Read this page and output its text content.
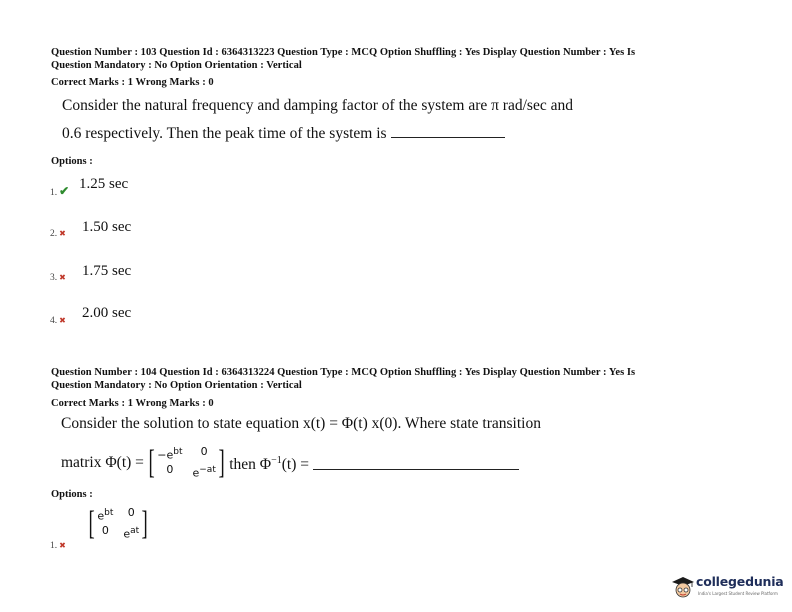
Question Number : 103 Question Id : 6364313223 Question Type : MCQ Option Shuffling : Yes Display Question Number : Yes Is
Question Mandatory : No Option Orientation : Vertical
Correct Marks : 1 Wrong Marks : 0
Consider the natural frequency and damping factor of the system are π rad/sec and
0.6 respectively. Then the peak time of the system is
Options :
1. ✔ 1.25 sec
2. ✖ 1.50 sec
3. ✖ 1.75 sec
4. ✖ 2.00 sec
Question Number : 104 Question Id : 6364313224 Question Type : MCQ Option Shuffling : Yes Display Question Number : Yes Is
Question Mandatory : No Option Orientation : Vertical
Correct Marks : 1 Wrong Marks : 0
Consider the solution to state equation x(t) = Φ(t) x(0). Where state transition
matrix Φ(t) = [ $-e^{bt}$	0
0	$e^{-at}$ ] then $\Phi^{-1}(t)$ =
Options :
1. ✖
[ $e^{bt}$	0
0	$e^{at}$ ]
collegedunia
India's Largest Student Review Platform
